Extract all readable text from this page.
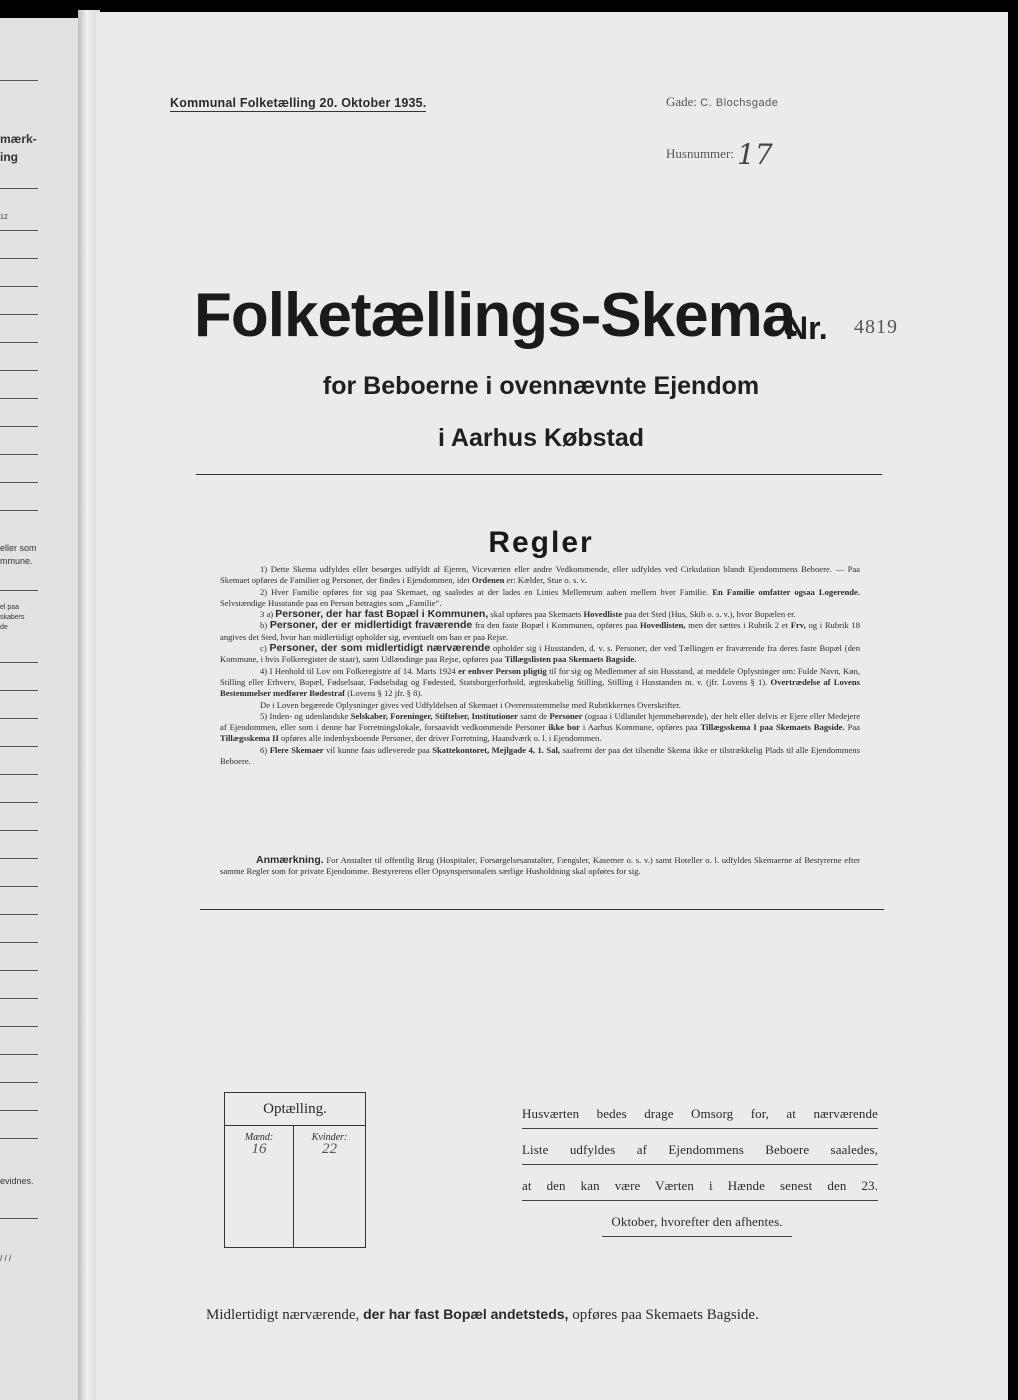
mærk-
ing
12
eller som
mmune.
el paa
skabers
de
evidnes.
/ / /
Kommunal Folketælling 20. Oktober 1935.	Gade: C. Blochsgade
Husnummer: 17
Folketællings-Skema
Nr. 4819
for Beboerne i ovennævnte Ejendom
i Aarhus Købstad
Regler

1) Dette Skema udfyldes eller besørges udfyldt af Ejeren, Viceværten eller andre Vedkommende, eller udfyldes ved Cirkulation blandt Ejendommens Beboere. — Paa Skemaet opføres de Familier og Personer, der findes i Ejendommen, idet Ordenen er: Kælder, Stue o. s. v.

2) Hver Familie opføres for sig paa Skemaet, og saaledes at der lades en Linies Mellemrum aaben mellem hver Familie. En Familie omfatter ogsaa Logerende. Selvstændige Husstande paa en Person betragtes som „Familie“.

3 a) Personer, der har fast Bopæl i Kommunen, skal opføres paa Skemaets Hovedliste paa det Sted (Hus, Skib o. s. v.), hvor Bopælen er.

b) Personer, der er midlertidigt fraværende fra den faste Bopæl i Kommunen, opføres paa Hovedlisten, men der sættes i Rubrik 2 et Frv, og i Rubrik 18 angives det Sted, hvor han midlertidigt opholder sig, eventuelt om han er paa Rejse.

c) Personer, der som midlertidigt nærværende opholder sig i Husstanden, d. v. s. Personer, der ved Tællingen er fraværende fra deres faste Bopæl (den Kommune, i hvis Folkeregister de staar), samt Udlændinge paa Rejse, opføres paa Tillægslisten paa Skemaets Bagside.

4) I Henhold til Lov om Folkeregistre af 14. Marts 1924 er enhver Person pligtig til for sig og Medlemmer af sin Husstand, at meddele Oplysninger om: Fulde Navn, Køn, Stilling eller Erhverv, Bopæl, Fødselsaar, Fødselsdag og Fødested, Statsborgerforhold, ægteskabelig Stilling, Stilling i Husstanden m. v. (jfr. Lovens § 1). Overtrædelse af Lovens Bestemmelser medfører Bødestraf (Lovens § 12 jfr. § 8).

De i Loven begærede Oplysninger gives ved Udfyldelsen af Skemaet i Overensstemmelse med Rubrikkernes Overskrifter.

5) Inden- og udenlandske Selskaber, Foreninger, Stiftelser, Institutioner samt de Personer (ogsaa i Udlandet hjemmehørende), der helt eller delvis er Ejere eller Medejere af Ejendommen, eller som i denne har Forretningslokale, forsaavidt vedkommende Personer ikke bor i Aarhus Kommune, opføres paa Tillægsskema I paa Skemaets Bagside. Paa Tillægsskema II opføres alle indenbysboende Personer, der driver Forretning, Haandværk o. l. i Ejendommen.

6) Flere Skemaer vil kunne faas udleverede paa Skattekontoret, Mejlgade 4, 1. Sal, saafremt der paa det tilsendte Skema ikke er tilstrækkelig Plads til alle Ejendommens Beboere.

Anmærkning. For Anstalter til offentlig Brug (Hospitaler, Forsørgelsesanstalter, Fængsler, Kaserner o. s. v.) samt Hoteller o. l. udfyldes Skemaerne af Bestyrerne efter samme Regler som for private Ejendomme. Bestyrerens eller Opsynspersonalets særlige Husholdning skal opføres for sig.

Optælling.
Mænd:
16
Kvinder:
22
Husværten bedes drage Omsorg for, at nærværende
Liste udfyldes af Ejendommens Beboere saaledes,
at den kan være Værten i Hænde senest den 23.
Oktober, hvorefter den afhentes.
Midlertidigt nærværende, der har fast Bopæl andetsteds, opføres paa Skemaets Bagside.
